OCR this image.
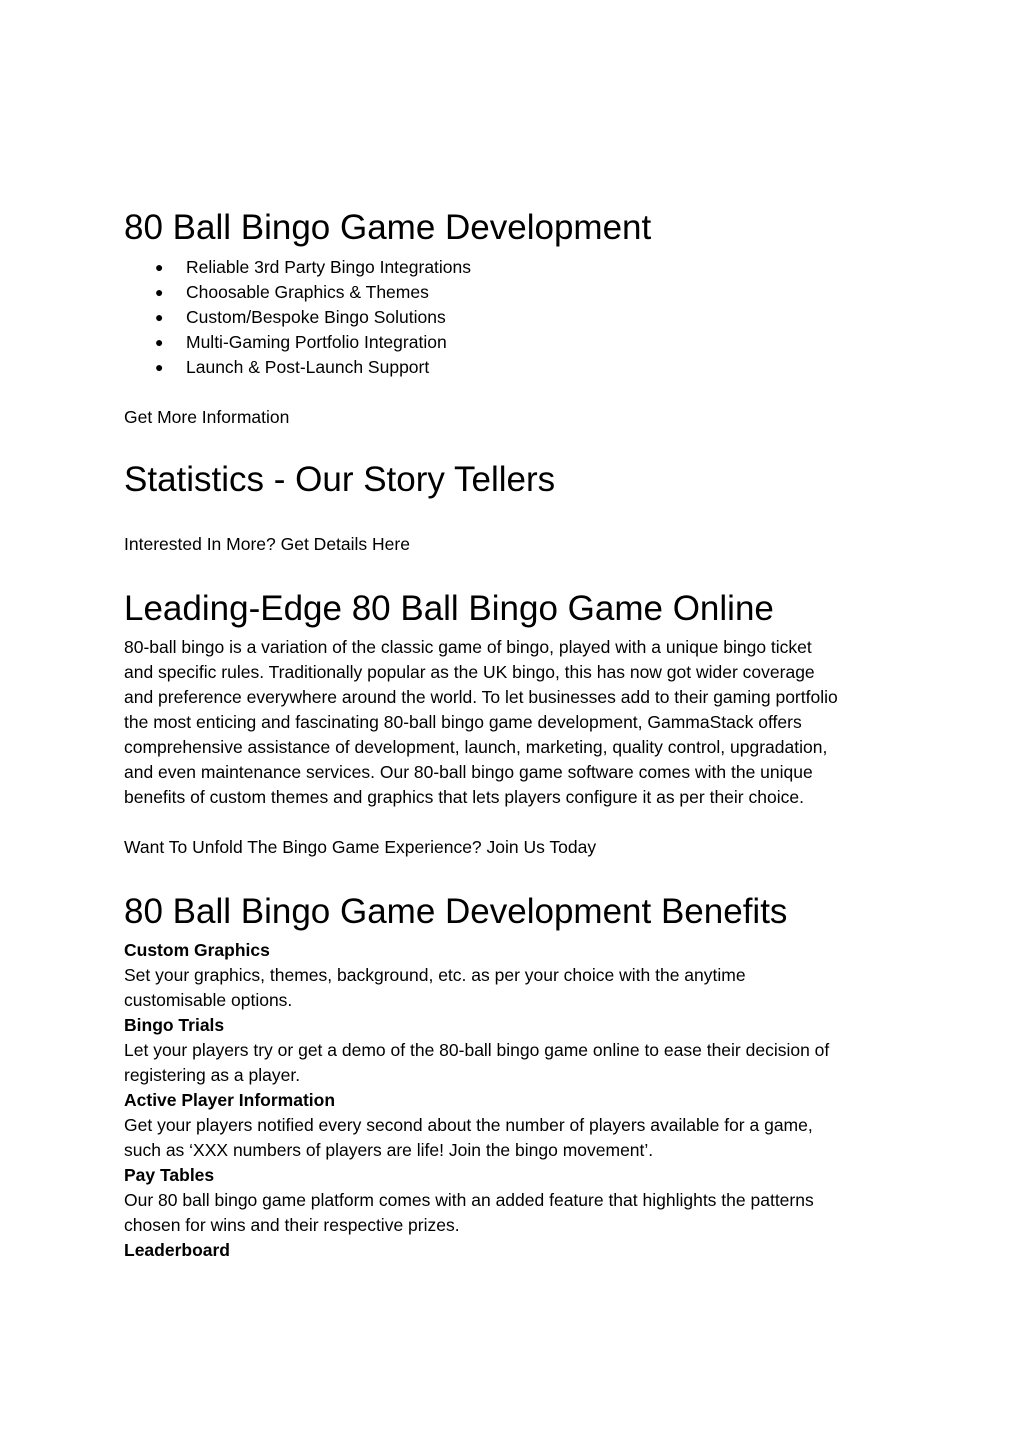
80 Ball Bingo Game Development
● Reliable 3rd Party Bingo Integrations
● Choosable Graphics & Themes
● Custom/Bespoke Bingo Solutions
● Multi-Gaming Portfolio Integration
● Launch & Post-Launch Support

Get More Information

Statistics - Our Story Tellers

Interested In More? Get Details Here

Leading-Edge 80 Ball Bingo Game Online

80-ball bingo is a variation of the classic game of bingo, played with a unique bingo ticket
and specific rules. Traditionally popular as the UK bingo, this has now got wider coverage
and preference everywhere around the world. To let businesses add to their gaming portfolio
the most enticing and fascinating 80-ball bingo game development, GammaStack offers
comprehensive assistance of development, launch, marketing, quality control, upgradation,
and even maintenance services. Our 80-ball bingo game software comes with the unique
benefits of custom themes and graphics that lets players configure it as per their choice.

Want To Unfold The Bingo Game Experience? Join Us Today

80 Ball Bingo Game Development Benefits

Custom Graphics

Set your graphics, themes, background, etc. as per your choice with the anytime
customisable options.

Bingo Trials

Let your players try or get a demo of the 80-ball bingo game online to ease their decision of
registering as a player.

Active Player Information

Get your players notified every second about the number of players available for a game,
such as ‘XXX numbers of players are life! Join the bingo movement’.

Pay Tables

Our 80 ball bingo game platform comes with an added feature that highlights the patterns
chosen for wins and their respective prizes.

Leaderboard
